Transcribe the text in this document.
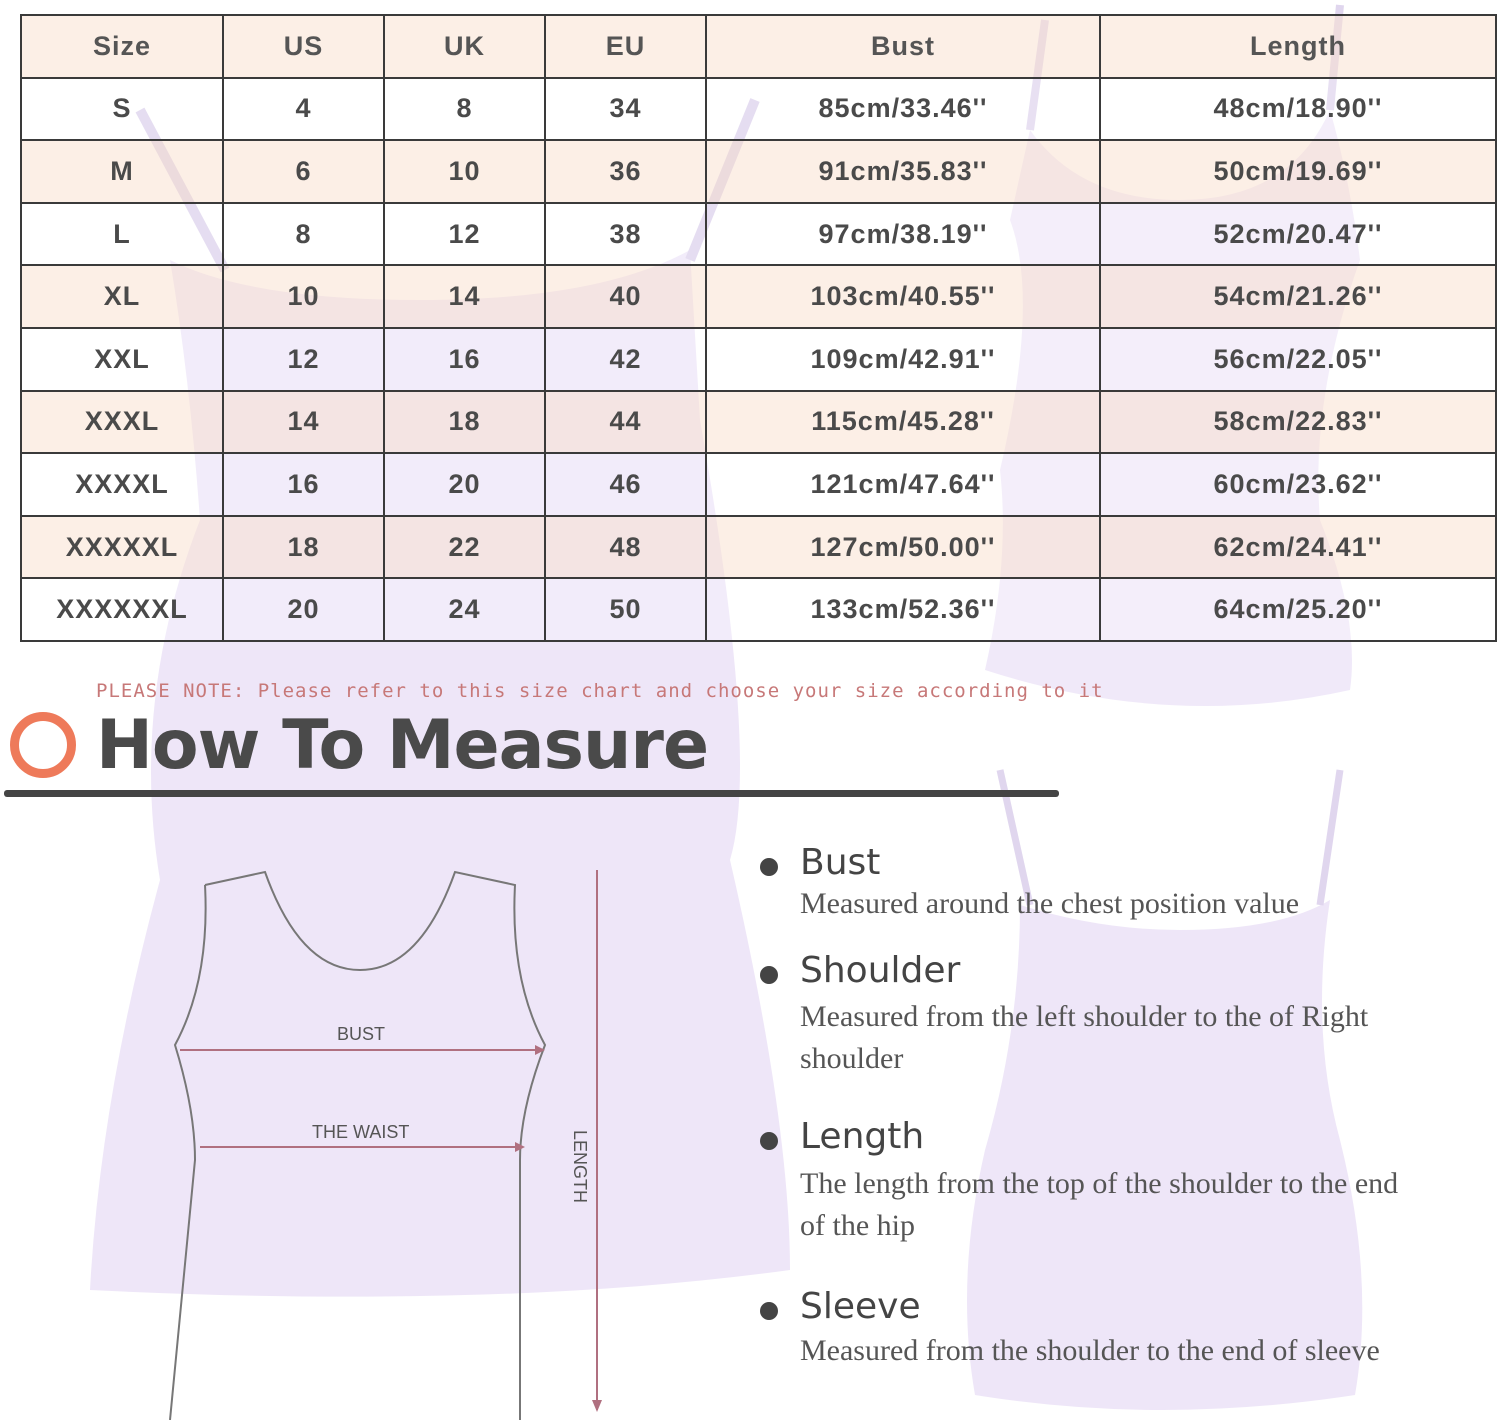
Size	US	UK	EU	Bust	Length
S	4	8	34	85cm/33.46''	48cm/18.90''
M	6	10	36	91cm/35.83''	50cm/19.69''
L	8	12	38	97cm/38.19''	52cm/20.47''
XL	10	14	40	103cm/40.55''	54cm/21.26''
XXL	12	16	42	109cm/42.91''	56cm/22.05''
XXXL	14	18	44	115cm/45.28''	58cm/22.83''
XXXXL	16	20	46	121cm/47.64''	60cm/23.62''
XXXXXL	18	22	48	127cm/50.00''	62cm/24.41''
XXXXXXL	20	24	50	133cm/52.36''	64cm/25.20''
PLEASE NOTE: Please refer to this size chart and choose your size according to it
How To Measure
BUST
THE WAIST	LENGTH
Bust
Measured around the chest position value
Shoulder
Measured from the left shoulder to the of Right shoulder
Length
The length from the top of the shoulder to the end of the hip
Sleeve
Measured from the shoulder to the end of sleeve
